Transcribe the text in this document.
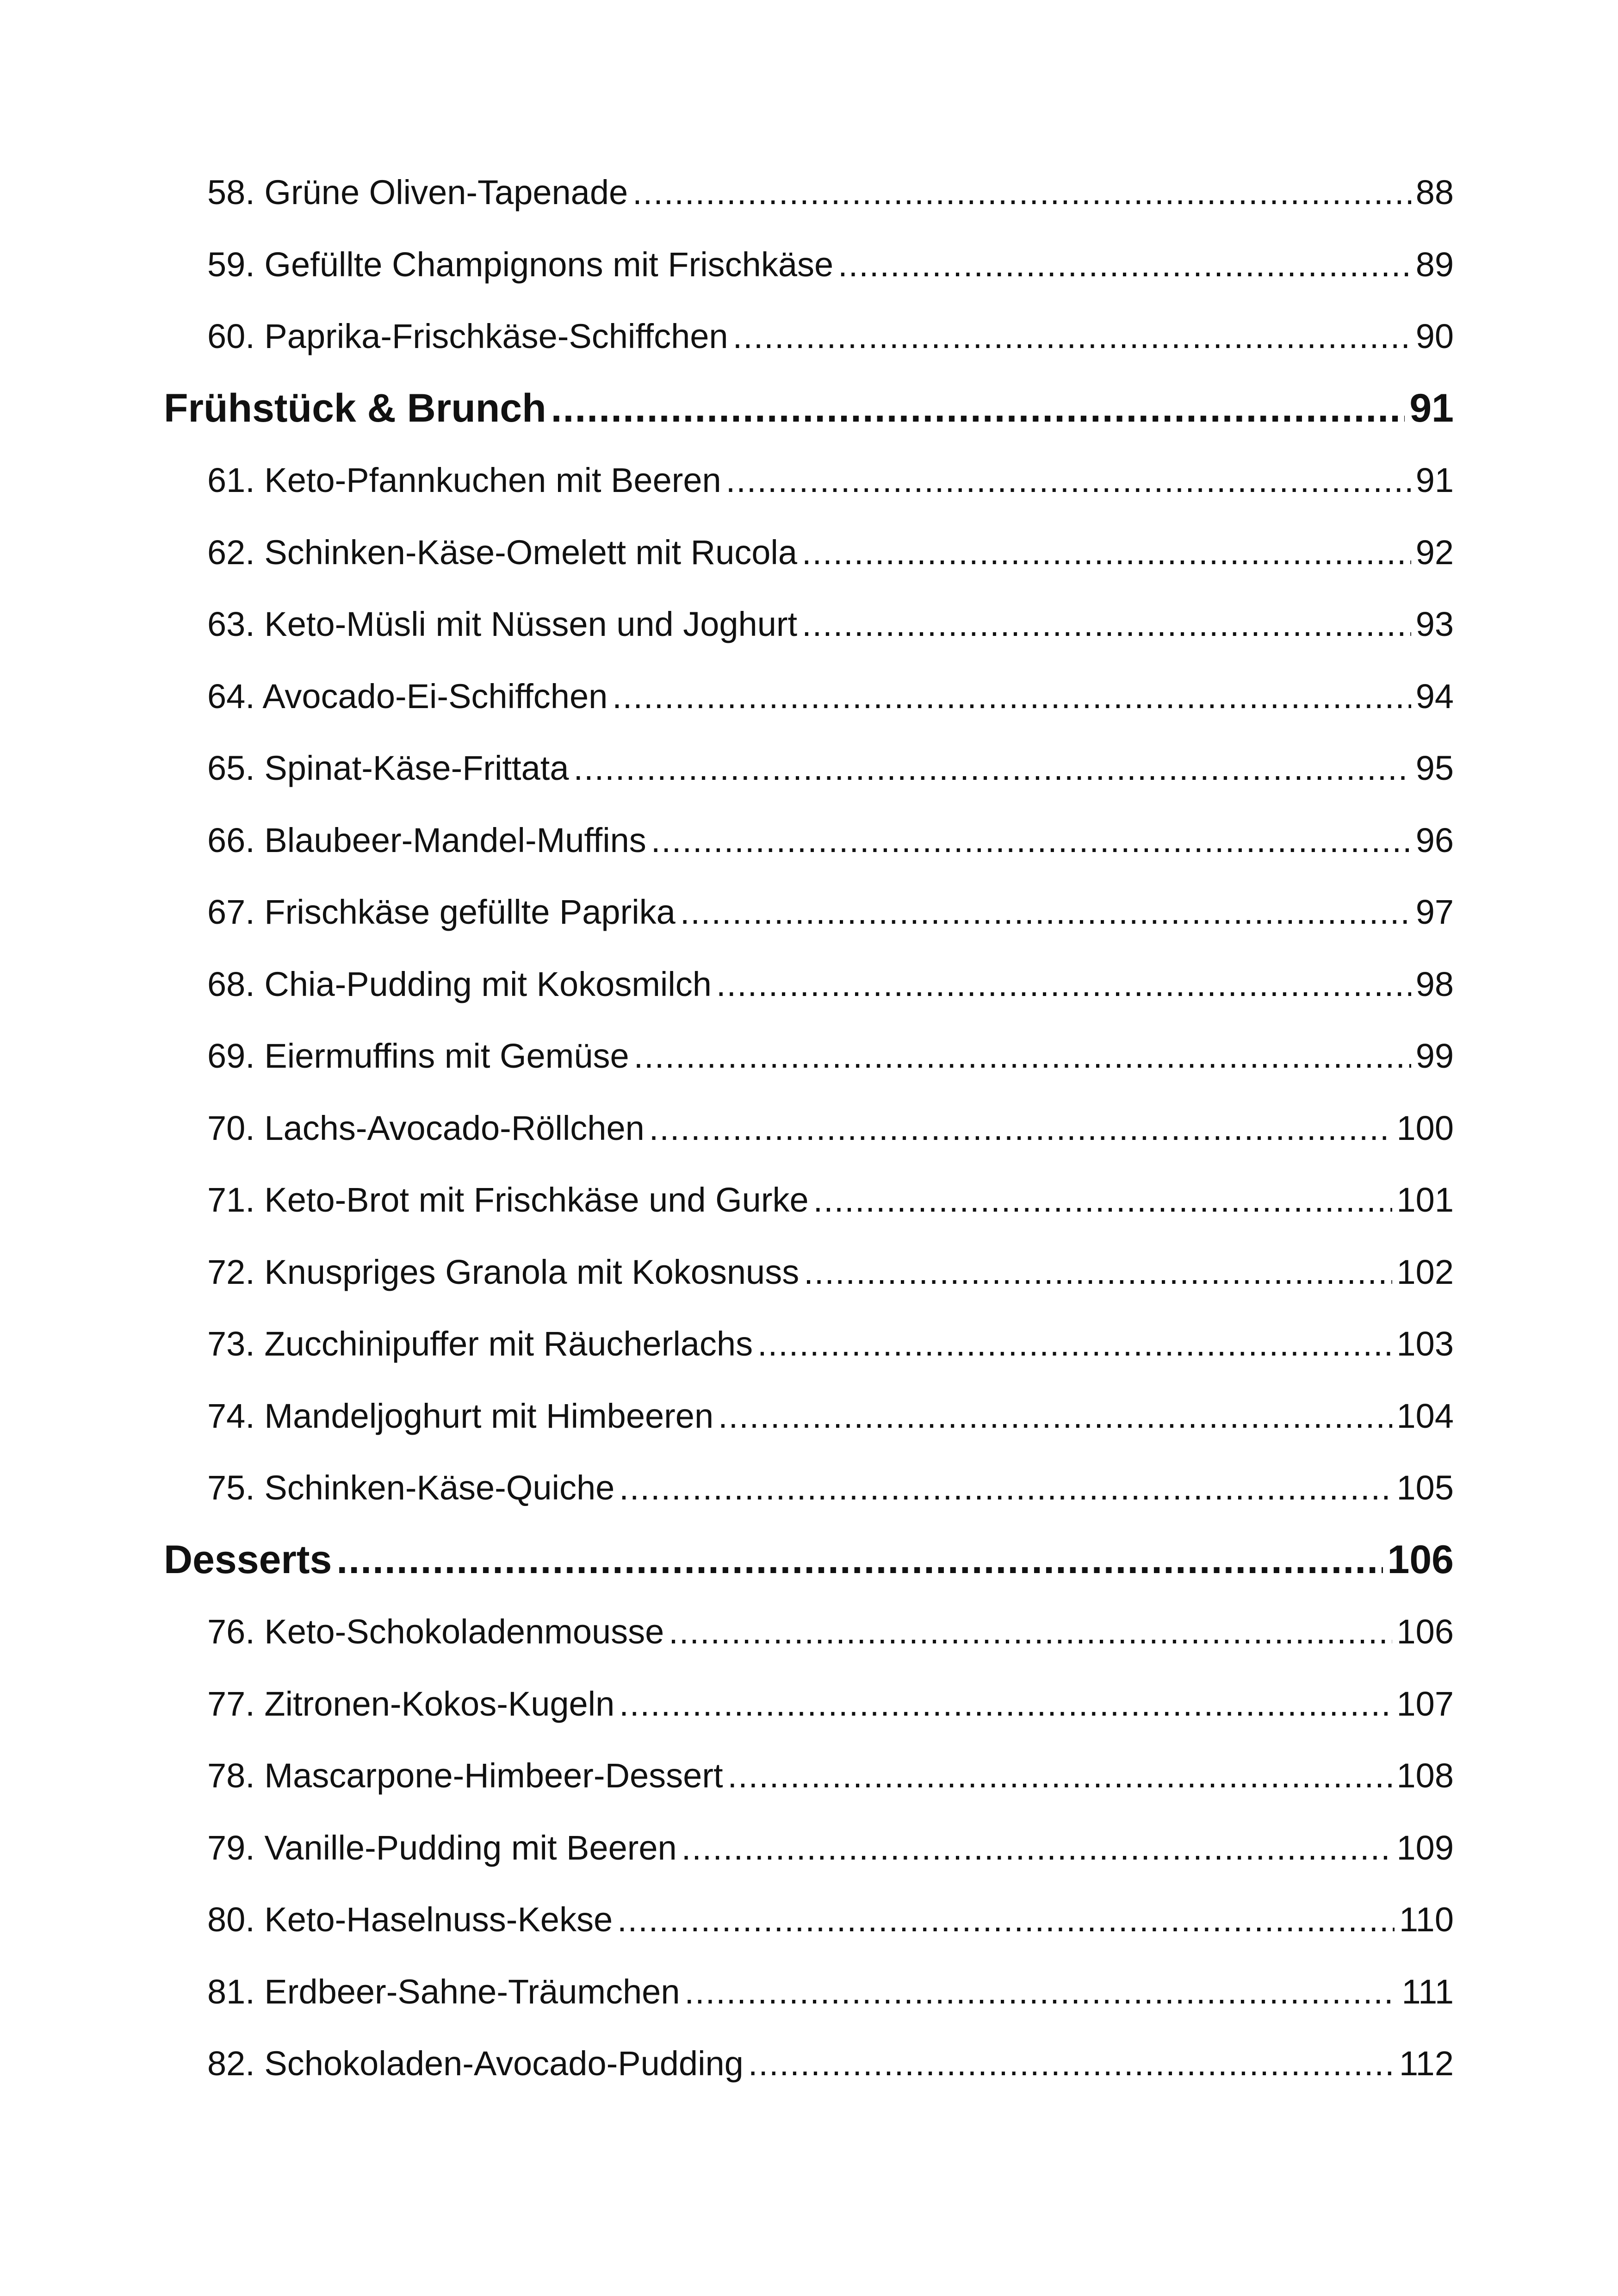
58. Grüne Oliven-Tapenade .....	88
59. Gefüllte Champignons mit Frischkäse .....	89
60. Paprika-Frischkäse-Schiffchen .....	90
Frühstück & Brunch .....	91
61. Keto-Pfannkuchen mit Beeren .....	91
62. Schinken-Käse-Omelett mit Rucola .....	92
63. Keto-Müsli mit Nüssen und Joghurt .....	93
64. Avocado-Ei-Schiffchen .....	94
65. Spinat-Käse-Frittata .....	95
66. Blaubeer-Mandel-Muffins .....	96
67. Frischkäse gefüllte Paprika .....	97
68. Chia-Pudding mit Kokosmilch .....	98
69. Eiermuffins mit Gemüse .....	99
70. Lachs-Avocado-Röllchen .....	100
71. Keto-Brot mit Frischkäse und Gurke .....	101
72. Knuspriges Granola mit Kokosnuss .....	102
73. Zucchinipuffer mit Räucherlachs .....	103
74. Mandeljoghurt mit Himbeeren .....	104
75. Schinken-Käse-Quiche .....	105
Desserts .....	106
76. Keto-Schokoladenmousse .....	106
77. Zitronen-Kokos-Kugeln .....	107
78. Mascarpone-Himbeer-Dessert .....	108
79. Vanille-Pudding mit Beeren .....	109
80. Keto-Haselnuss-Kekse .....	110
81. Erdbeer-Sahne-Träumchen .....	111
82. Schokoladen-Avocado-Pudding .....	112
